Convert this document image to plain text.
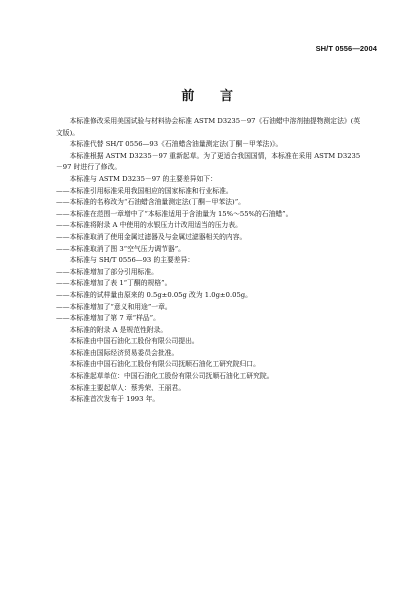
SH/T 0556—2004
前     言

本标准修改采用美国试验与材料协会标准 ASTM D3235－97《石油蜡中溶剂抽提物测定法》(英文版)。

本标准代替 SH/T 0556—93《石油蜡含油量测定法(丁酮－甲苯法)》。

本标准根据 ASTM D3235－97 重新起草。为了更适合我国国情，本标准在采用 ASTM D3235－97 时进行了修改。

本标准与 ASTM D3235－97 的主要差异如下：

——本标准引用标准采用我国相应的国家标准和行业标准。

——本标准的名称改为“石油蜡含油量测定法(丁酮－甲苯法)”。

——本标准在范围一章增中了“本标准适用于含油量为 15%～55%的石油蜡”。

——本标准将附录 A 中使用的水银压力计改用适当的压力表。

——本标准取消了使用金属过滤器及与金属过滤器相关的内容。

——本标准取消了图 3“空气压力调节器”。

本标准与 SH/T 0556—93 的主要差异：

——本标准增加了部分引用标准。

——本标准增加了表 1“丁酮的规格”。

——本标准的试样量由原来的 0.5g±0.05g 改为 1.0g±0.05g。

——本标准增加了“意义和用途”一章。

——本标准增加了第 7 章“样品”。

本标准的附录 A 是规范性附录。

本标准由中国石油化工股份有限公司提出。

本标准由国际经济贸易委员会批准。

本标准由中国石油化工股份有限公司抚顺石油化工研究院归口。

本标准起草单位：中国石油化工股份有限公司抚顺石油化工研究院。

本标准主要起草人：蔡秀荣、王丽君。

本标准首次发布于 1993 年。
